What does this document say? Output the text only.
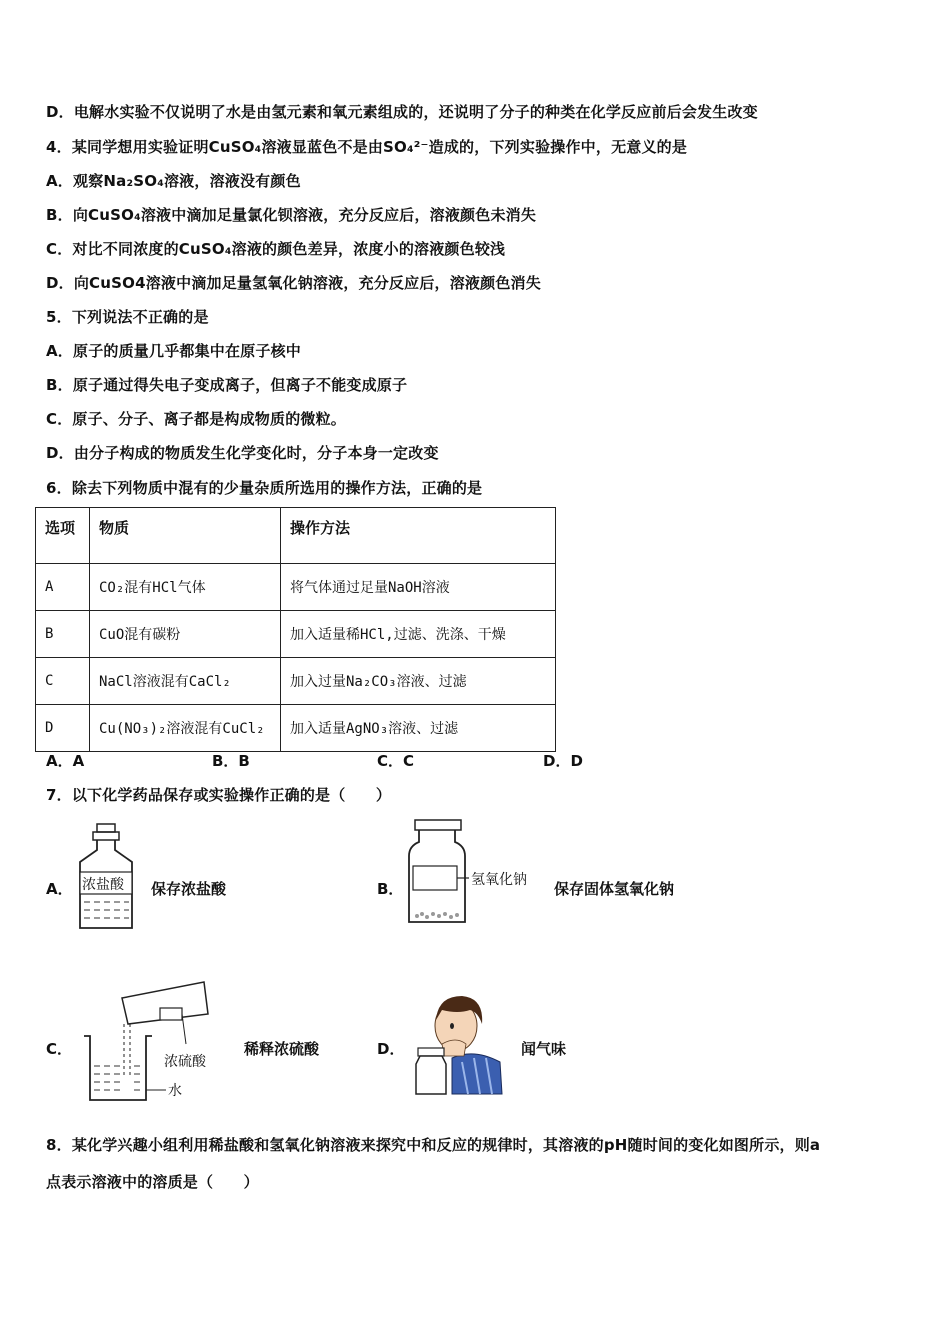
D．电解水实验不仅说明了水是由氢元素和氧元素组成的，还说明了分子的种类在化学反应前后会发生改变
4．某同学想用实验证明CuSO₄溶液显蓝色不是由SO₄²⁻造成的，下列实验操作中，无意义的是
A．观察Na₂SO₄溶液，溶液没有颜色
B．向CuSO₄溶液中滴加足量氯化钡溶液，充分反应后，溶液颜色未消失
C．对比不同浓度的CuSO₄溶液的颜色差异，浓度小的溶液颜色较浅
D．向CuSO4溶液中滴加足量氢氧化钠溶液，充分反应后，溶液颜色消失
5．下列说法不正确的是
A．原子的质量几乎都集中在原子核中
B．原子通过得失电子变成离子，但离子不能变成原子
C．原子、分子、离子都是构成物质的微粒。
D．由分子构成的物质发生化学变化时，分子本身一定改变
6．除去下列物质中混有的少量杂质所选用的操作方法，正确的是
选项	物质	操作方法
A	CO₂混有HCl气体	将气体通过足量NaOH溶液
B	CuO混有碳粉	加入适量稀HCl,过滤、洗涤、干燥
C	NaCl溶液混有CaCl₂	加入过量Na₂CO₃溶液、过滤
D	Cu(NO₃)₂溶液混有CuCl₂	加入适量AgNO₃溶液、过滤
A．A	B．B	C．C	D．D
7．以下化学药品保存或实验操作正确的是（　　）
A． 浓盐酸 保存浓盐酸	B．	氢氧化钠 保存固体氢氧化钠
C．
浓硫酸
水
稀释浓硫酸	D．	闻气味
8．某化学兴趣小组利用稀盐酸和氢氧化钠溶液来探究中和反应的规律时，其溶液的pH随时间的变化如图所示，则a
点表示溶液中的溶质是（　　）
